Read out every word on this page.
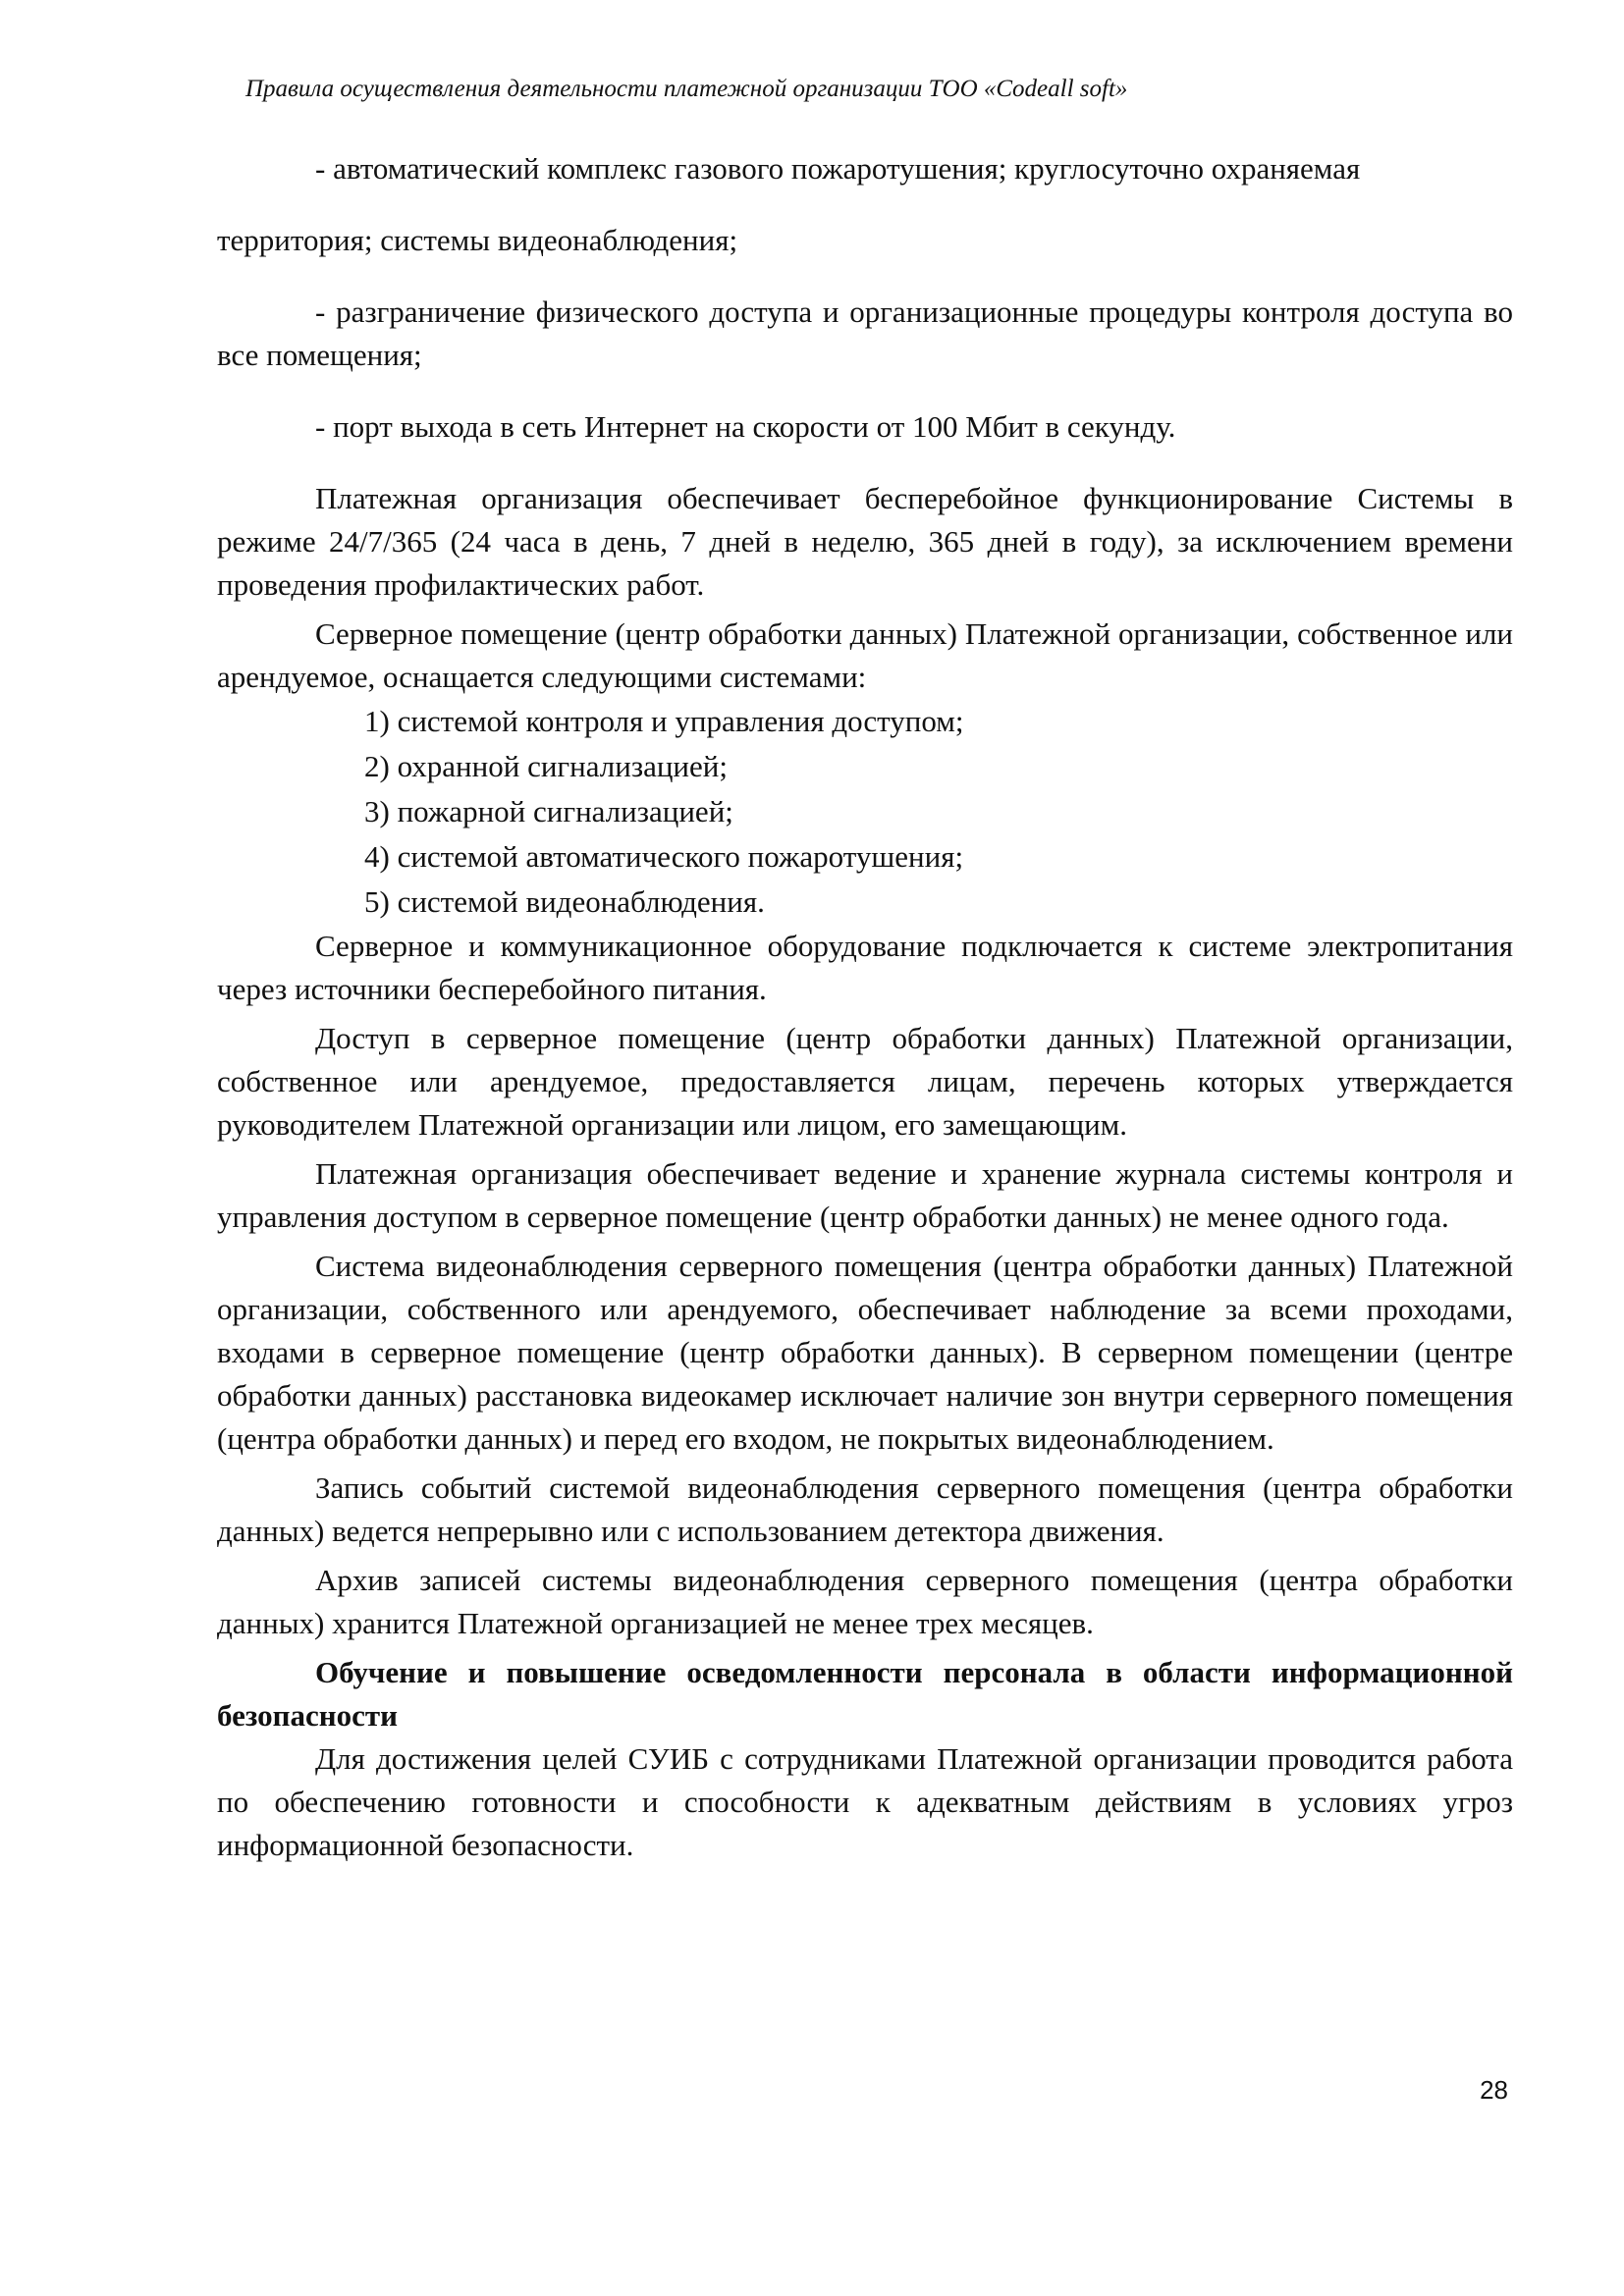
Правила осуществления деятельности платежной организации ТОО «Codeall soft»

- автоматический комплекс газового пожаротушения; круглосуточно охраняемая

территория; системы видеонаблюдения;

- разграничение физического доступа и организационные процедуры контроля доступа во все помещения;

- порт выхода в сеть Интернет на скорости от 100 Мбит в секунду.

Платежная организация обеспечивает бесперебойное функционирование Системы в режиме 24/7/365 (24 часа в день, 7 дней в неделю, 365 дней в году), за исключением времени проведения профилактических работ.

Серверное помещение (центр обработки данных) Платежной организации, собственное или арендуемое, оснащается следующими системами:

1) системой контроля и управления доступом;
2) охранной сигнализацией;
3) пожарной сигнализацией;
4) системой автоматического пожаротушения;
5) системой видеонаблюдения.

Серверное и коммуникационное оборудование подключается к системе электропитания через источники бесперебойного питания.

Доступ в серверное помещение (центр обработки данных) Платежной организации, собственное или арендуемое, предоставляется лицам, перечень которых утверждается руководителем Платежной организации или лицом, его замещающим.

Платежная организация обеспечивает ведение и хранение журнала системы контроля и управления доступом в серверное помещение (центр обработки данных) не менее одного года.

Система видеонаблюдения серверного помещения (центра обработки данных) Платежной организации, собственного или арендуемого, обеспечивает наблюдение за всеми проходами, входами в серверное помещение (центр обработки данных). В серверном помещении (центре обработки данных) расстановка видеокамер исключает наличие зон внутри серверного помещения (центра обработки данных) и перед его входом, не покрытых видеонаблюдением.

Запись событий системой видеонаблюдения серверного помещения (центра обработки данных) ведется непрерывно или с использованием детектора движения.

Архив записей системы видеонаблюдения серверного помещения (центра обработки данных) хранится Платежной организацией не менее трех месяцев.

Обучение и повышение осведомленности персонала в области информационной безопасности

Для достижения целей СУИБ с сотрудниками Платежной организации проводится работа по обеспечению готовности и способности к адекватным действиям в условиях угроз информационной безопасности.

28
